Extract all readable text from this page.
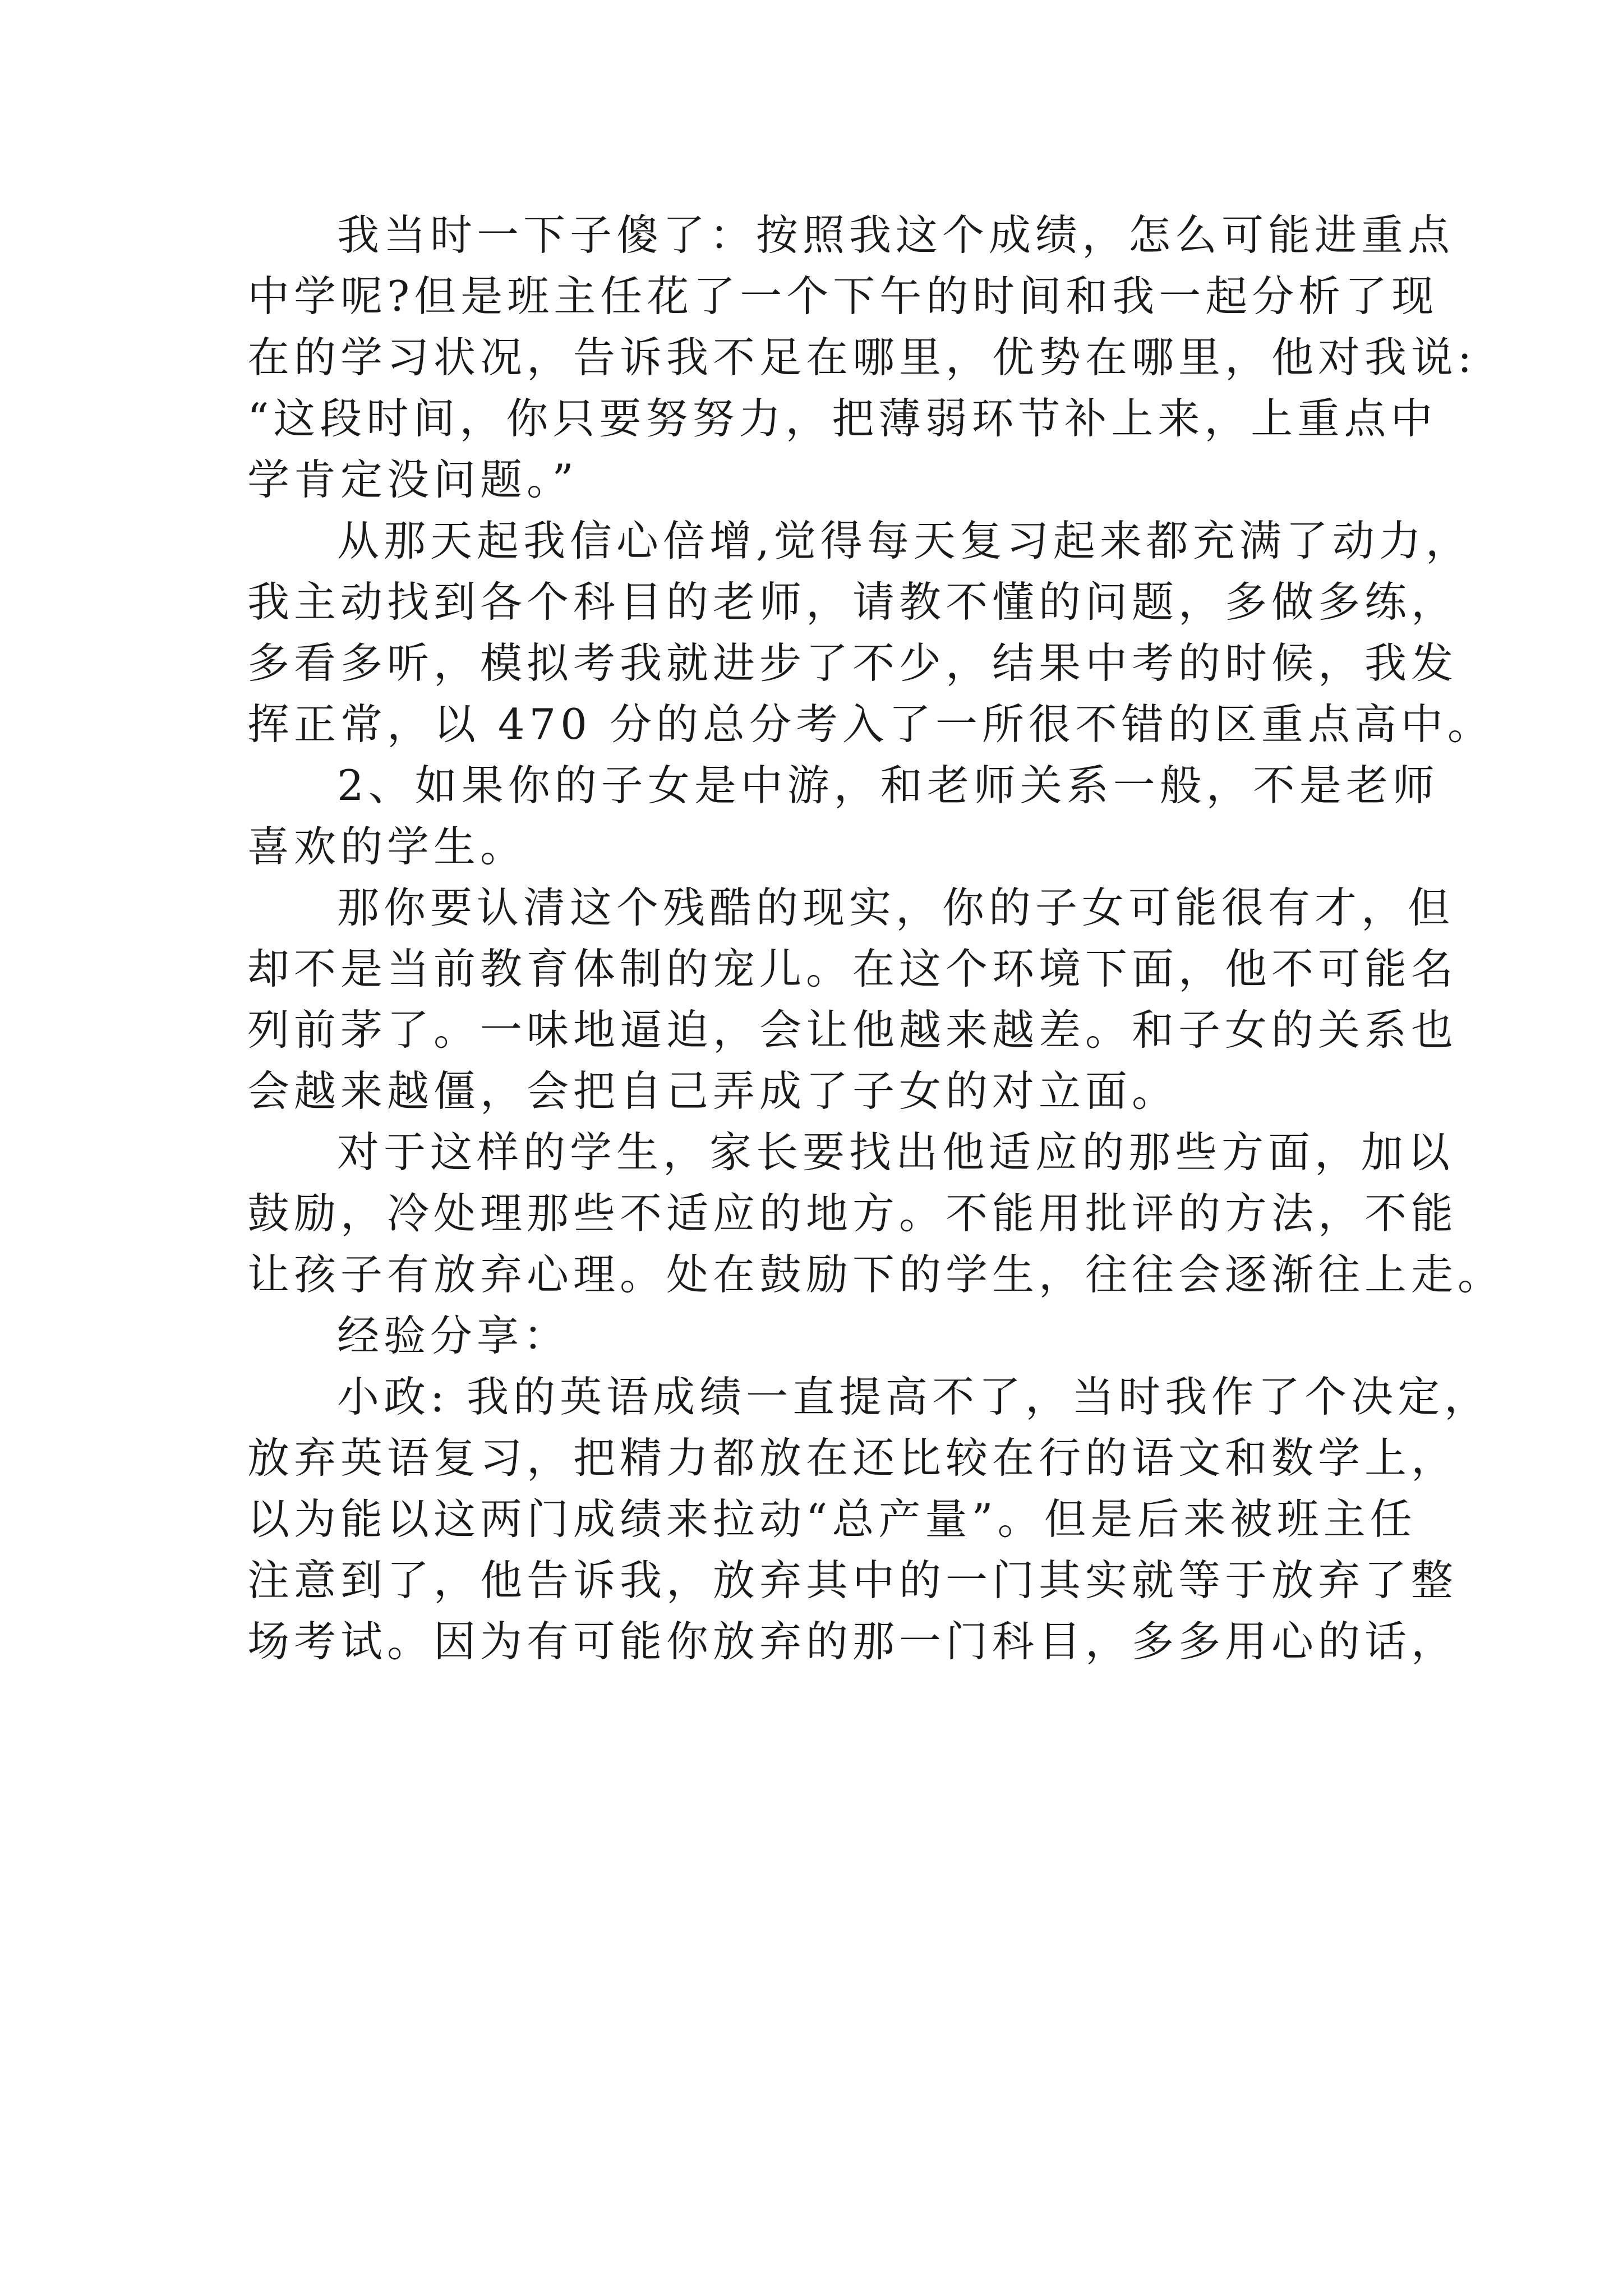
我当时一下子傻了：按照我这个成绩，怎么可能进重点
中学呢?但是班主任花了一个下午的时间和我一起分析了现
在的学习状况，告诉我不足在哪里，优势在哪里，他对我说:
“这段时间，你只要努努力，把薄弱环节补上来，上重点中
学肯定没问题。”
从那天起我信心倍增,觉得每天复习起来都充满了动力，
我主动找到各个科目的老师，请教不懂的问题，多做多练，
多看多听，模拟考我就进步了不少，结果中考的时候，我发
挥正常，以 470 分的总分考入了一所很不错的区重点高中。
2、如果你的子女是中游，和老师关系一般，不是老师
喜欢的学生。
那你要认清这个残酷的现实，你的子女可能很有才，但
却不是当前教育体制的宠儿。在这个环境下面，他不可能名
列前茅了。一味地逼迫，会让他越来越差。和子女的关系也
会越来越僵，会把自己弄成了子女的对立面。
对于这样的学生，家长要找出他适应的那些方面，加以
鼓励，冷处理那些不适应的地方。不能用批评的方法，不能
让孩子有放弃心理。处在鼓励下的学生，往往会逐渐往上走。
经验分享：
小政: 我的英语成绩一直提高不了，当时我作了个决定，
放弃英语复习，把精力都放在还比较在行的语文和数学上，
以为能以这两门成绩来拉动“总产量”。但是后来被班主任
注意到了，他告诉我，放弃其中的一门其实就等于放弃了整
场考试。因为有可能你放弃的那一门科目，多多用心的话，
